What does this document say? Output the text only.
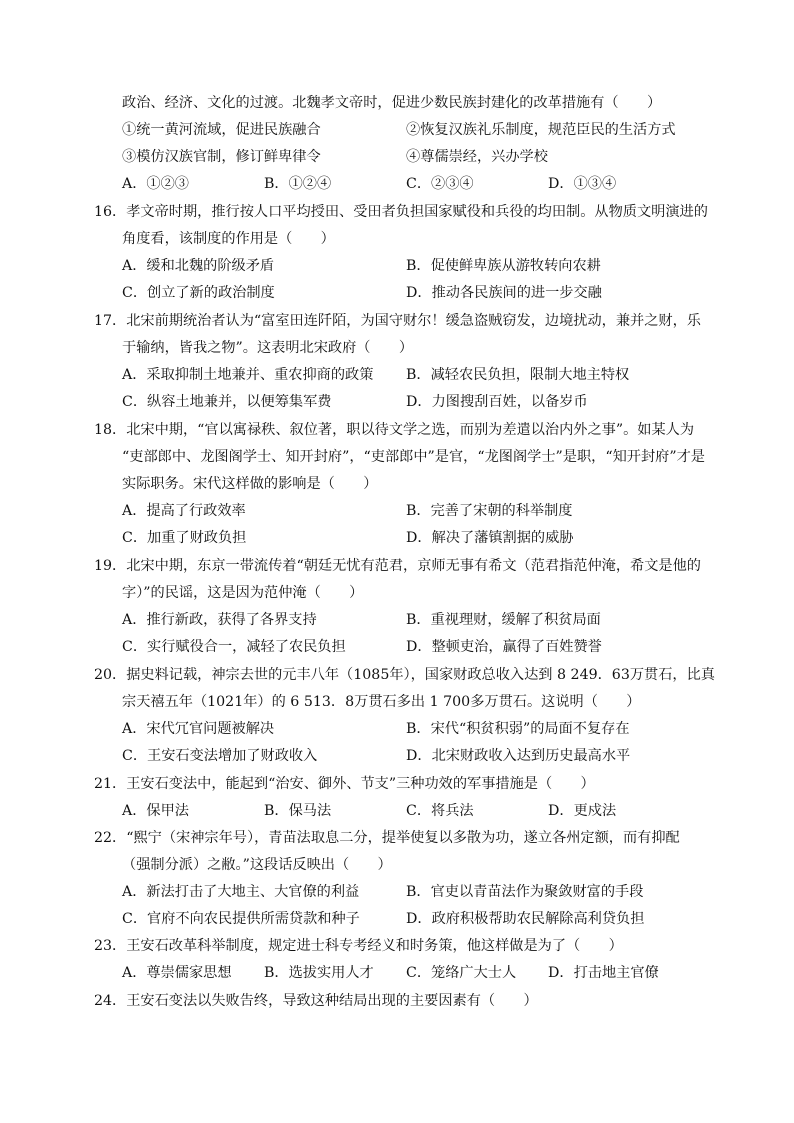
政治、经济、文化的过渡。北魏孝文帝时，促进少数民族封建化的改革措施有（　　）
①统一黄河流域，促进民族融合	②恢复汉族礼乐制度，规范臣民的生活方式
③模仿汉族官制，修订鲜卑律令	④尊儒崇经，兴办学校
A．①②③	B．①②④	C．②③④	D．①③④
16．孝文帝时期，推行按人口平均授田、受田者负担国家赋役和兵役的均田制。从物质文明演进的
角度看，该制度的作用是（　　）
A．缓和北魏的阶级矛盾	B．促使鲜卑族从游牧转向农耕
C．创立了新的政治制度	D．推动各民族间的进一步交融
17．北宋前期统治者认为“富室田连阡陌，为国守财尔！缓急盗贼窃发，边境扰动，兼并之财，乐
于输纳，皆我之物”。这表明北宋政府（　　）
A．采取抑制土地兼并、重农抑商的政策 B．减轻农民负担，限制大地主特权
C．纵容土地兼并，以便筹集军费	D．力图搜刮百姓，以备岁币
18．北宋中期，“官以寓禄秩、叙位著，职以待文学之选，而别为差遣以治内外之事”。如某人为
“吏部郎中、龙图阁学士、知开封府”，“吏部郎中”是官，“龙图阁学士”是职，“知开封府”才是
实际职务。宋代这样做的影响是（　　）
A．提高了行政效率	B．完善了宋朝的科举制度
C．加重了财政负担	D．解决了藩镇割据的威胁
19．北宋中期，东京一带流传着“朝廷无忧有范君，京师无事有希文（范君指范仲淹，希文是他的
字）”的民谣，这是因为范仲淹（　　）
A．推行新政，获得了各界支持	B．重视理财，缓解了积贫局面
C．实行赋役合一，减轻了农民负担	D．整顿吏治，赢得了百姓赞誉
20．据史料记载，神宗去世的元丰八年（1085年），国家财政总收入达到 8 249．63万贯石，比真
宗天禧五年（1021年）的 6 513．8万贯石多出 1 700多万贯石。这说明（　　）
A．宋代冗官问题被解决	B．宋代“积贫积弱”的局面不复存在
C．王安石变法增加了财政收入	D．北宋财政收入达到历史最高水平
21．王安石变法中，能起到“治安、御外、节支”三种功效的军事措施是（　　）
A．保甲法	B．保马法	C．将兵法	D．更戍法
22．“熙宁（宋神宗年号），青苗法取息二分，提举使复以多散为功，遂立各州定额，而有抑配
（强制分派）之敝。”这段话反映出（　　）
A．新法打击了大地主、大官僚的利益	B．官吏以青苗法作为聚敛财富的手段
C．官府不向农民提供所需贷款和种子	D．政府积极帮助农民解除高利贷负担
23．王安石改革科举制度，规定进士科专考经义和时务策，他这样做是为了（　　）
A．尊崇儒家思想 B．选拔实用人才 C．笼络广大士人 D．打击地主官僚
24．王安石变法以失败告终，导致这种结局出现的主要因素有（　　）
